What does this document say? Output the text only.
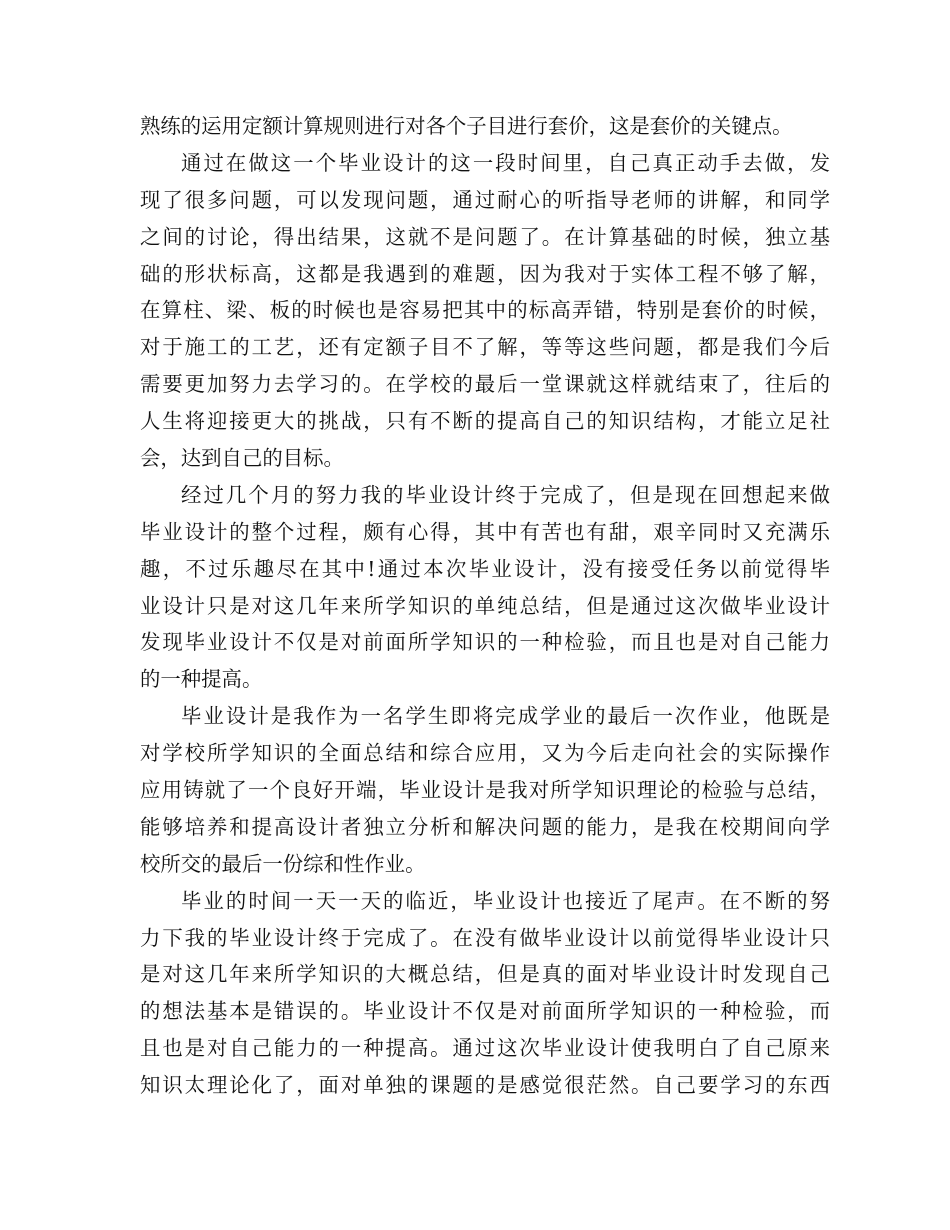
熟练的运用定额计算规则进行对各个子目进行套价，这是套价的关键点。
通过在做这一个毕业设计的这一段时间里，自己真正动手去做，发
现了很多问题，可以发现问题，通过耐心的听指导老师的讲解，和同学
之间的讨论，得出结果，这就不是问题了。在计算基础的时候，独立基
础的形状标高，这都是我遇到的难题，因为我对于实体工程不够了解，
在算柱、梁、板的时候也是容易把其中的标高弄错，特别是套价的时候，
对于施工的工艺，还有定额子目不了解，等等这些问题，都是我们今后
需要更加努力去学习的。在学校的最后一堂课就这样就结束了，往后的
人生将迎接更大的挑战，只有不断的提高自己的知识结构，才能立足社
会，达到自己的目标。
经过几个月的努力我的毕业设计终于完成了，但是现在回想起来做
毕业设计的整个过程，颇有心得，其中有苦也有甜，艰辛同时又充满乐
趣，不过乐趣尽在其中!通过本次毕业设计，没有接受任务以前觉得毕
业设计只是对这几年来所学知识的单纯总结，但是通过这次做毕业设计
发现毕业设计不仅是对前面所学知识的一种检验，而且也是对自己能力
的一种提高。
毕业设计是我作为一名学生即将完成学业的最后一次作业，他既是
对学校所学知识的全面总结和综合应用，又为今后走向社会的实际操作
应用铸就了一个良好开端，毕业设计是我对所学知识理论的检验与总结，
能够培养和提高设计者独立分析和解决问题的能力，是我在校期间向学
校所交的最后一份综和性作业。
毕业的时间一天一天的临近，毕业设计也接近了尾声。在不断的努
力下我的毕业设计终于完成了。在没有做毕业设计以前觉得毕业设计只
是对这几年来所学知识的大概总结，但是真的面对毕业设计时发现自己
的想法基本是错误的。毕业设计不仅是对前面所学知识的一种检验，而
且也是对自己能力的一种提高。通过这次毕业设计使我明白了自己原来
知识太理论化了，面对单独的课题的是感觉很茫然。自己要学习的东西
